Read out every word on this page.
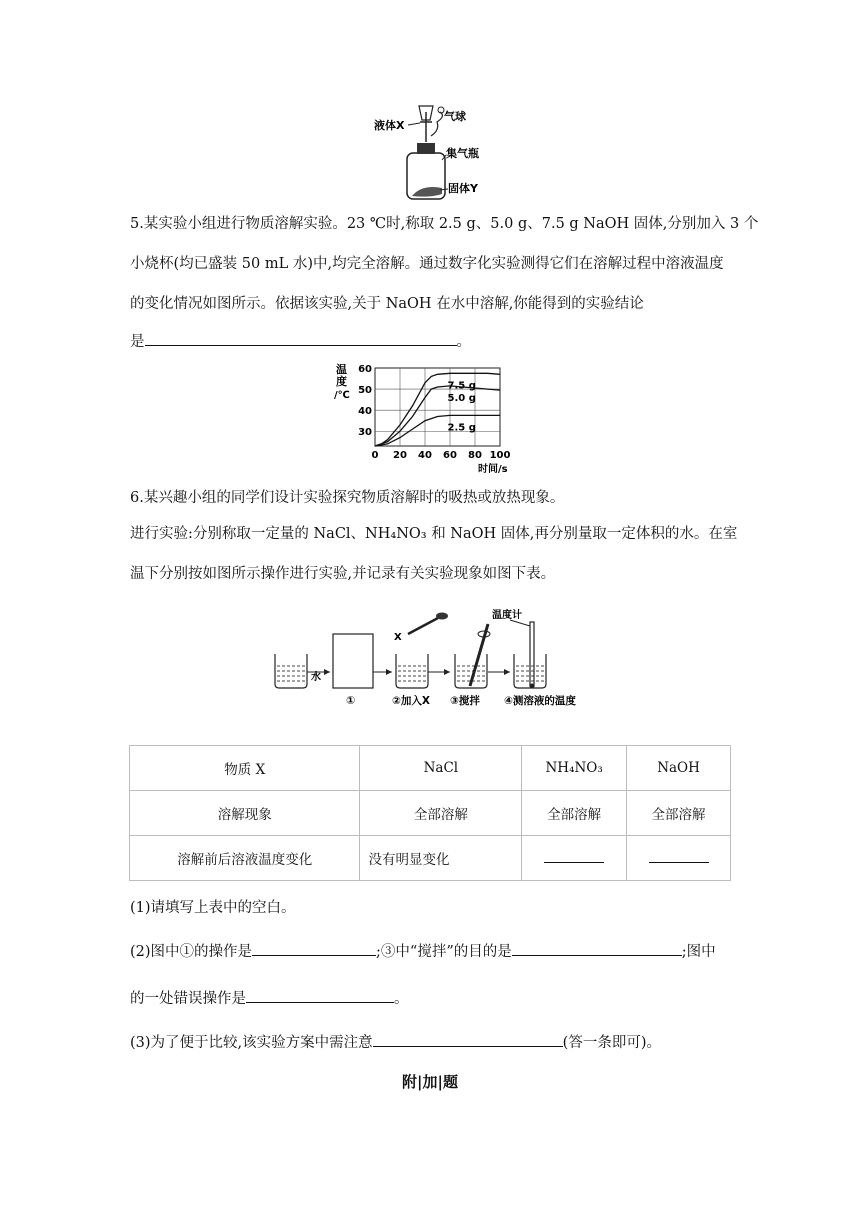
液体X
气球
集气瓶
固体Y
5.某实验小组进行物质溶解实验。23 ℃时,称取 2.5 g、5.0 g、7.5 g NaOH 固体,分别加入 3 个
小烧杯(均已盛装 50 mL 水)中,均完全溶解。通过数字化实验测得它们在溶解过程中溶液温度
的变化情况如图所示。依据该实验,关于 NaOH 在水中溶解,你能得到的实验结论
是	。
7.5 g
5.0 g
2.5 g
0 20 40 60 80 100
30
40
50
60
温
度
/℃
时间/s
6.某兴趣小组的同学们设计实验探究物质溶解时的吸热或放热现象。
进行实验:分别称取一定量的 NaCl、NH₄NO₃ 和 NaOH 固体,再分别量取一定体积的水。在室
温下分别按如图所示操作进行实验,并记录有关实验现象如图下表。
水
X
温度计
①	②加入X ③搅拌 ④测溶液的温度
物质 X	NaCl	NH₄NO₃	NaOH
溶解现象	全部溶解	全部溶解	全部溶解
溶解前后溶液温度变化	没有明显变化		
(1)请填写上表中的空白。
(2)图中①的操作是	;③中“搅拌”的目的是	;图中
的一处错误操作是	。
(3)为了便于比较,该实验方案中需注意	(答一条即可)。
附|加|题
